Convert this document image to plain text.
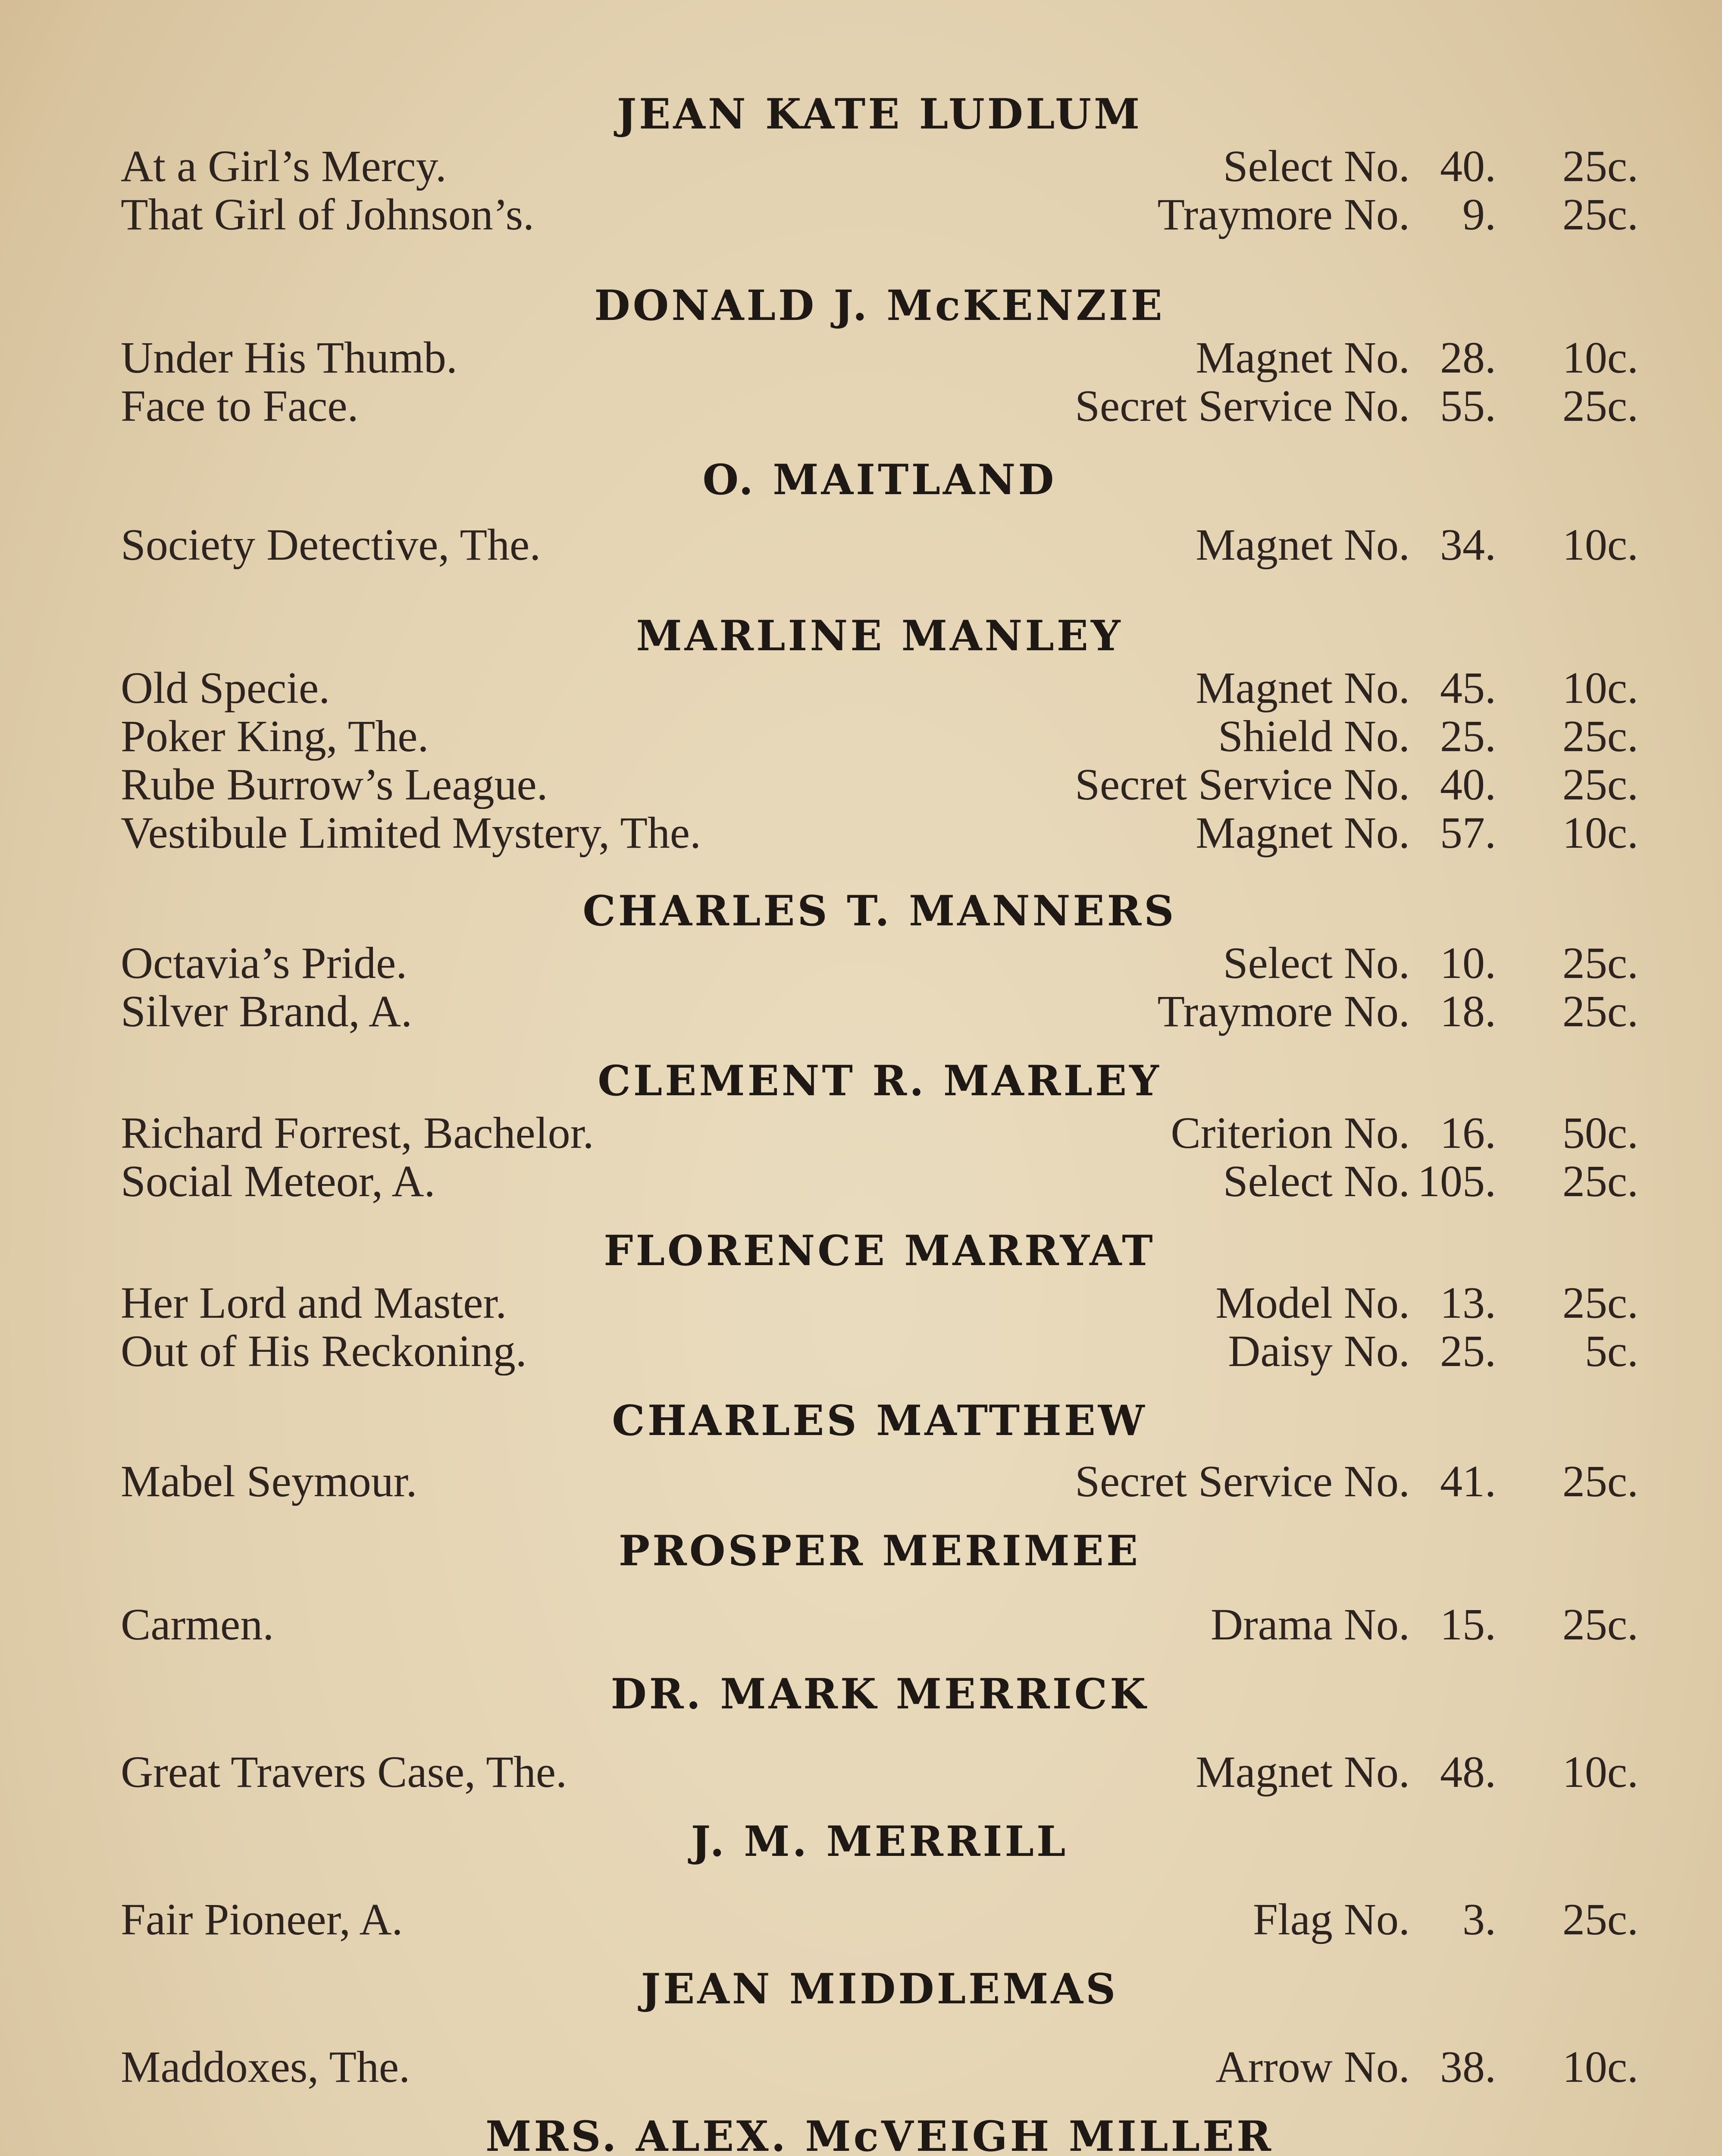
JEAN KATE LUDLUM
At a Girl’s Mercy.	Select No. 40.	25c.
That Girl of Johnson’s.	Traymore No.	9.	25c.
DONALD J. McKENZIE
Under His Thumb.	Magnet No. 28.	10c.
Face to Face.	Secret Service No. 55.	25c.
O. MAITLAND
Society Detective, The.	Magnet No. 34.	10c.
MARLINE MANLEY
Old Specie.	Magnet No. 45.	10c.
Poker King, The.	Shield No. 25.	25c.
Rube Burrow’s League.	Secret Service No. 40.	25c.
Vestibule Limited Mystery, The.	Magnet No. 57.	10c.
CHARLES T. MANNERS
Octavia’s Pride.	Select No. 10.	25c.
Silver Brand, A.	Traymore No. 18.	25c.
CLEMENT R. MARLEY
Richard Forrest, Bachelor.	Criterion No. 16.	50c.
Social Meteor, A.	Select No. 105.	25c.
FLORENCE MARRYAT
Her Lord and Master.	Model No. 13.	25c.
Out of His Reckoning.	Daisy No. 25.	5c.
CHARLES MATTHEW
Mabel Seymour.	Secret Service No. 41.	25c.
PROSPER MERIMEE
Carmen.	Drama No. 15.	25c.
DR. MARK MERRICK
Great Travers Case, The.	Magnet No. 48.	10c.
J. M. MERRILL
Fair Pioneer, A.	Flag No.	3.	25c.
JEAN MIDDLEMAS
Maddoxes, The.	Arrow No. 38.	10c.
MRS. ALEX. McVEIGH MILLER
